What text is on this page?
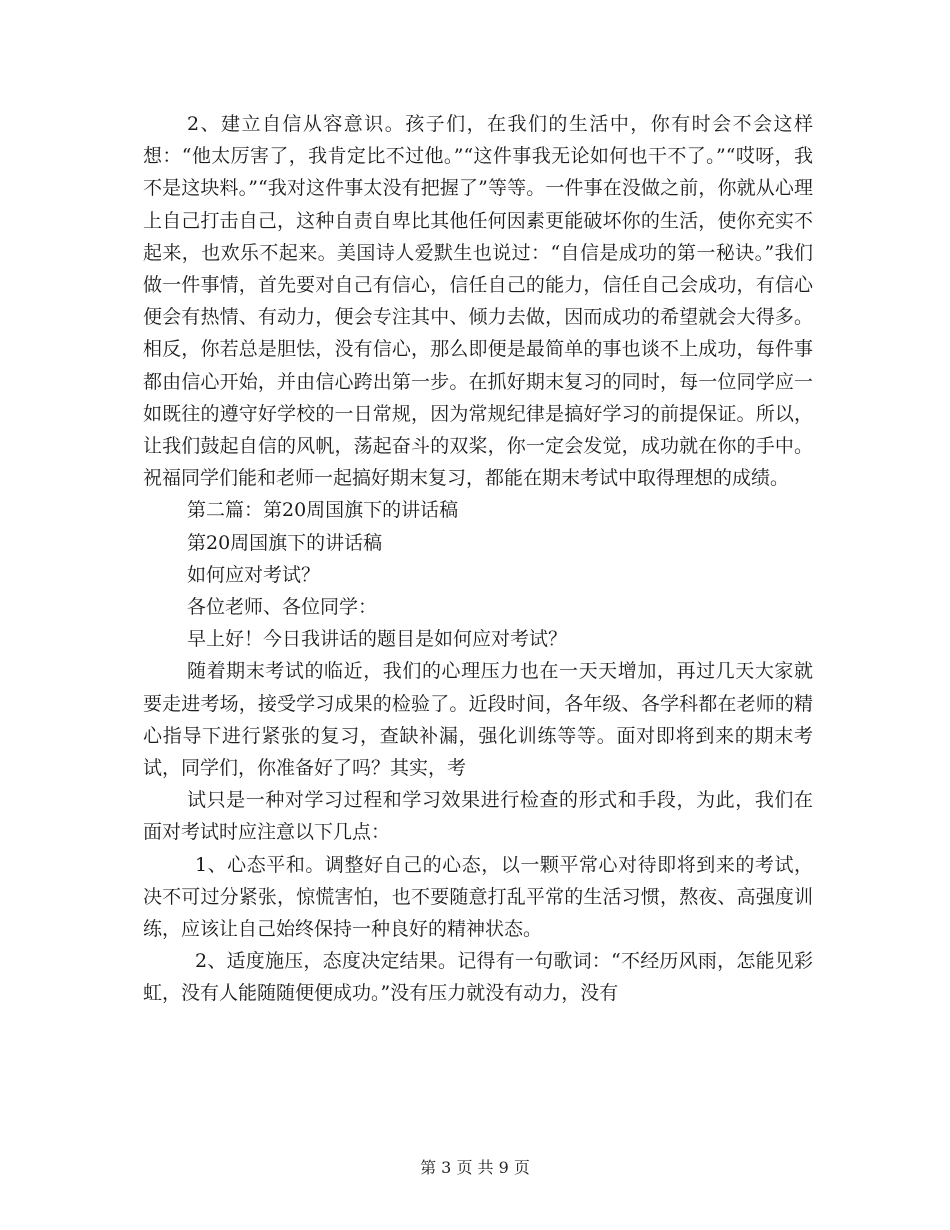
2、建立自信从容意识。孩子们，在我们的生活中，你有时会不会这样想：“他太厉害了，我肯定比不过他。”“这件事我无论如何也干不了。”“哎呀，我不是这块料。”“我对这件事太没有把握了”等等。一件事在没做之前，你就从心理上自己打击自己，这种自责自卑比其他任何因素更能破坏你的生活，使你充实不起来，也欢乐不起来。美国诗人爱默生也说过：“自信是成功的第一秘诀。”我们做一件事情，首先要对自己有信心，信任自己的能力，信任自己会成功，有信心便会有热情、有动力，便会专注其中、倾力去做，因而成功的希望就会大得多。相反，你若总是胆怯，没有信心，那么即便是最简单的事也谈不上成功，每件事都由信心开始，并由信心跨出第一步。在抓好期末复习的同时，每一位同学应一如既往的遵守好学校的一日常规，因为常规纪律是搞好学习的前提保证。所以，让我们鼓起自信的风帆，荡起奋斗的双桨，你一定会发觉，成功就在你的手中。祝福同学们能和老师一起搞好期末复习，都能在期末考试中取得理想的成绩。

第二篇：第20周国旗下的讲话稿

第20周国旗下的讲话稿

如何应对考试？

各位老师、各位同学：

早上好！今日我讲话的题目是如何应对考试？

随着期末考试的临近，我们的心理压力也在一天天增加，再过几天大家就要走进考场，接受学习成果的检验了。近段时间，各年级、各学科都在老师的精心指导下进行紧张的复习，查缺补漏，强化训练等等。面对即将到来的期末考试，同学们，你准备好了吗？其实，考

试只是一种对学习过程和学习效果进行检查的形式和手段，为此，我们在面对考试时应注意以下几点：

1、心态平和。调整好自己的心态，以一颗平常心对待即将到来的考试，决不可过分紧张，惊慌害怕，也不要随意打乱平常的生活习惯，熬夜、高强度训练，应该让自己始终保持一种良好的精神状态。

2、适度施压，态度决定结果。记得有一句歌词：“不经历风雨，怎能见彩虹，没有人能随随便便成功。”没有压力就没有动力，没有

第 3 页 共 9 页
